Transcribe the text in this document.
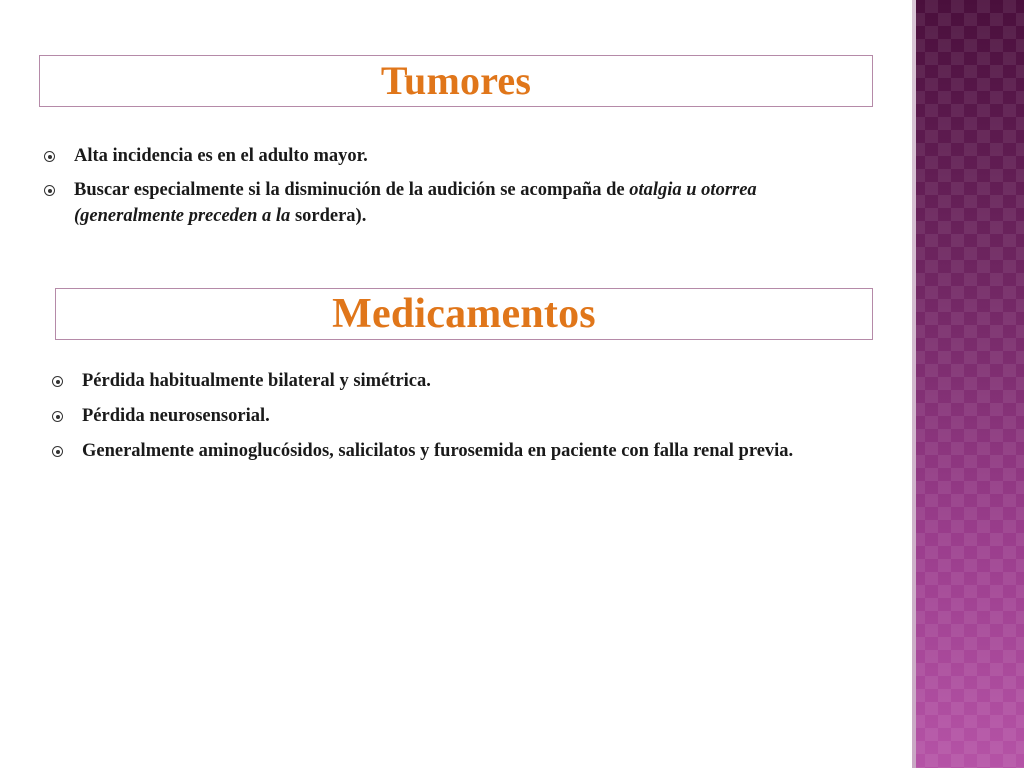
Tumores
Alta incidencia es en el adulto mayor.
Buscar especialmente si la disminución de la audición se acompaña de otalgia u otorrea (generalmente preceden a la sordera).
Medicamentos
Pérdida habitualmente bilateral y simétrica.
Pérdida neurosensorial.
Generalmente aminoglucósidos, salicilatos y furosemida en paciente con falla renal previa.
